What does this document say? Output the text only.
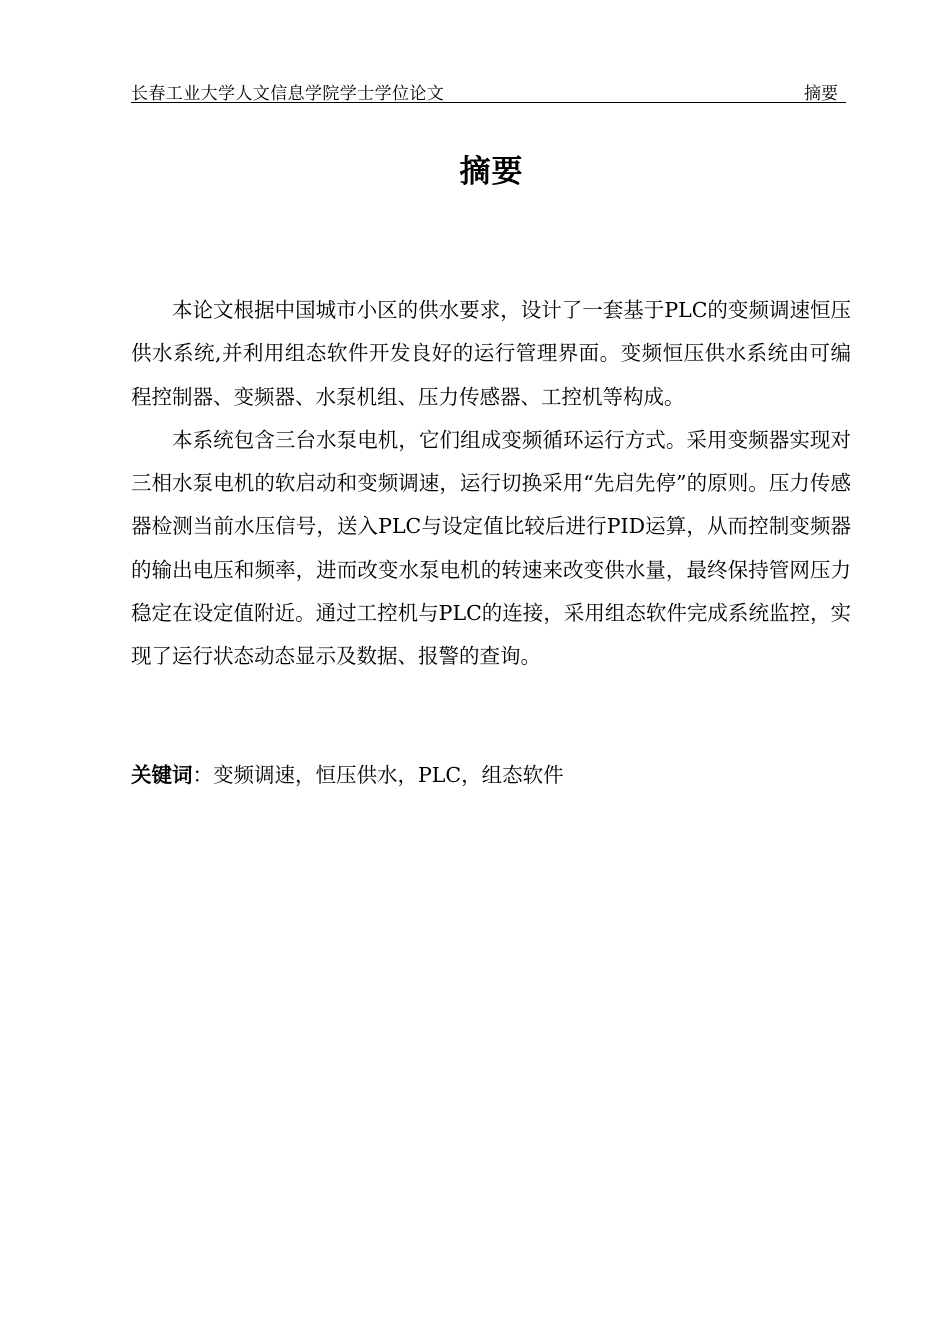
长春工业大学人文信息学院学士学位论文	摘要
摘要

本论文根据中国城市小区的供水要求，设计了一套基于PLC的变频调速恒压供水系统,并利用组态软件开发良好的运行管理界面。变频恒压供水系统由可编程控制器、变频器、水泵机组、压力传感器、工控机等构成。

本系统包含三台水泵电机，它们组成变频循环运行方式。采用变频器实现对三相水泵电机的软启动和变频调速，运行切换采用“先启先停”的原则。压力传感器检测当前水压信号，送入PLC与设定值比较后进行PID运算，从而控制变频器的输出电压和频率，进而改变水泵电机的转速来改变供水量，最终保持管网压力稳定在设定值附近。通过工控机与PLC的连接，采用组态软件完成系统监控，实现了运行状态动态显示及数据、报警的查询。

关键词：变频调速，恒压供水，PLC，组态软件
